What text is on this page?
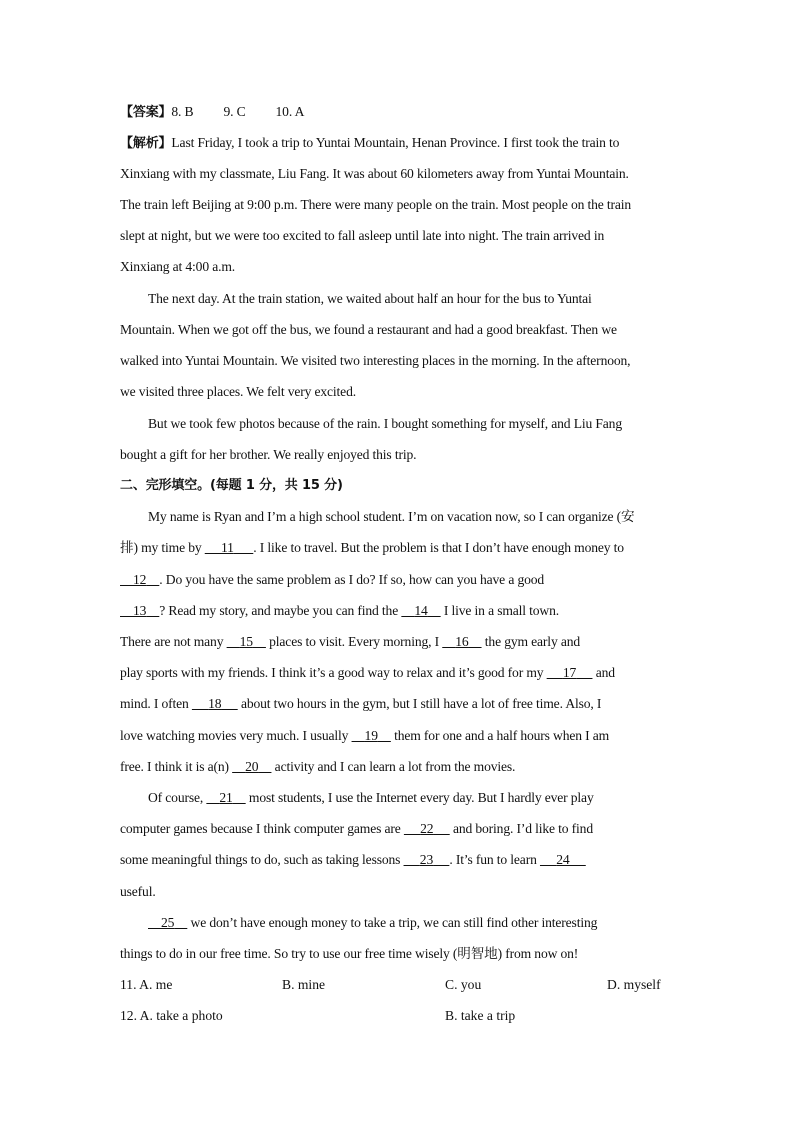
【答案】8. B 9. C 10. A
【解析】Last Friday, I took a trip to Yuntai Mountain, Henan Province. I first took the train to
Xinxiang with my classmate, Liu Fang. It was about 60 kilometers away from Yuntai Mountain.
The train left Beijing at 9:00 p.m. There were many people on the train. Most people on the train
slept at night, but we were too excited to fall asleep until late into night. The train arrived in
Xinxiang at 4:00 a.m.
The next day. At the train station, we waited about half an hour for the bus to Yuntai
Mountain. When we got off the bus, we found a restaurant and had a good breakfast. Then we
walked into Yuntai Mountain. We visited two interesting places in the morning. In the afternoon,
we visited three places. We felt very excited.
But we took few photos because of the rain. I bought something for myself, and Liu Fang
bought a gift for her brother. We really enjoyed this trip.
二、完形填空。(每题 1 分，共 15 分)
My name is Ryan and I’m a high school student. I’m on vacation now, so I can organize (安
排) my time by      11 . I like to travel. But the problem is that I don’t have enough money to
12 . Do you have the same problem as I do? If so, how can you have a good
13 ? Read my story, and maybe you can find the     14     I live in a small town.
There are not many     15     places to visit. Every morning, I     16     the gym early and
play sports with my friends. I think it’s a good way to relax and it’s good for my      17      and
mind. I often      18      about two hours in the gym, but I still have a lot of free time. Also, I
love watching movies very much. I usually     19     them for one and a half hours when I am
free. I think it is a(n)     20     activity and I can learn a lot from the movies.
Of course,     21     most students, I use the Internet every day. But I hardly ever play
computer games because I think computer games are      22      and boring. I’d like to find
some meaningful things to do, such as taking lessons      23 . It’s fun to learn      24
useful.
25     we don’t have enough money to take a trip, we can still find other interesting
things to do in our free time. So try to use our free time wisely (明智地) from now on!
11. A. me	B. mine	C. you	D. myself
12. A. take a photo	B. take a trip
